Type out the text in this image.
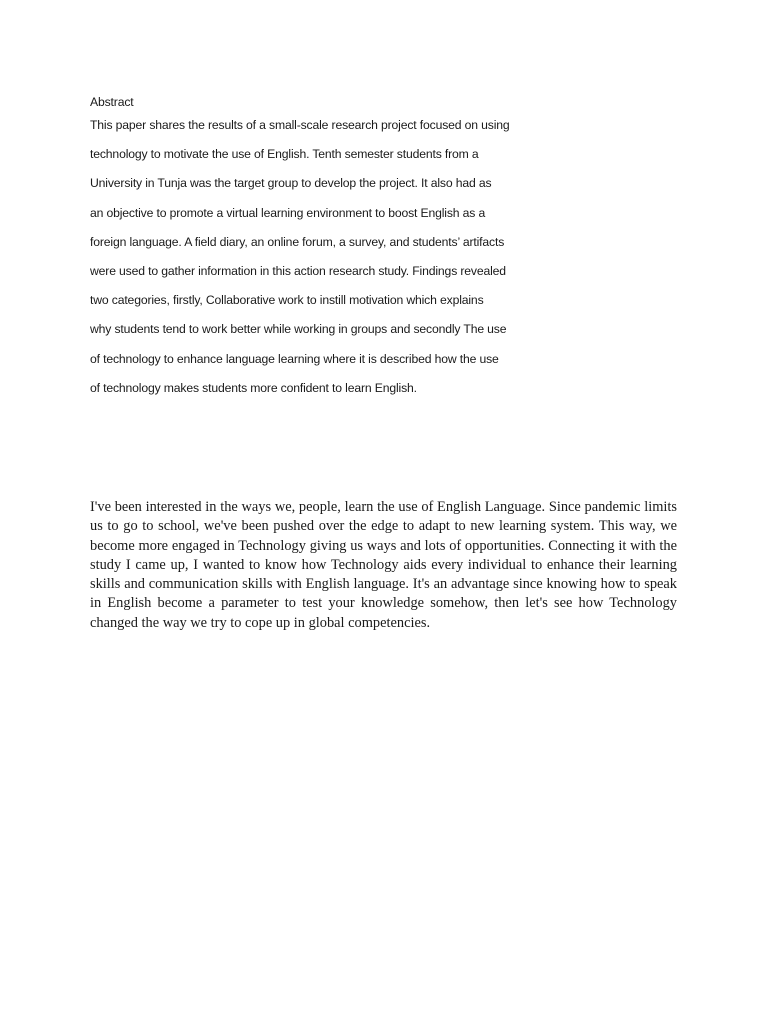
Abstract
This paper shares the results of a small-scale research project focused on using
technology to motivate the use of English. Tenth semester students from a
University in Tunja was the target group to develop the project. It also had as
an objective to promote a virtual learning environment to boost English as a
foreign language. A field diary, an online forum, a survey, and students’ artifacts
were used to gather information in this action research study. Findings revealed
two categories, firstly, Collaborative work to instill motivation which explains
why students tend to work better while working in groups and secondly The use
of technology to enhance language learning where it is described how the use
of technology makes students more confident to learn English.

I've been interested in the ways we, people, learn the use of English Language. Since pandemic limits us to go to school, we've been pushed over the edge to adapt to new learning system. This way, we become more engaged in Technology giving us ways and lots of opportunities. Connecting it with the study I came up, I wanted to know how Technology aids every individual to enhance their learning skills and communication skills with English language. It's an advantage since knowing how to speak in English become a parameter to test your knowledge somehow, then let's see how Technology changed the way we try to cope up in global competencies.
